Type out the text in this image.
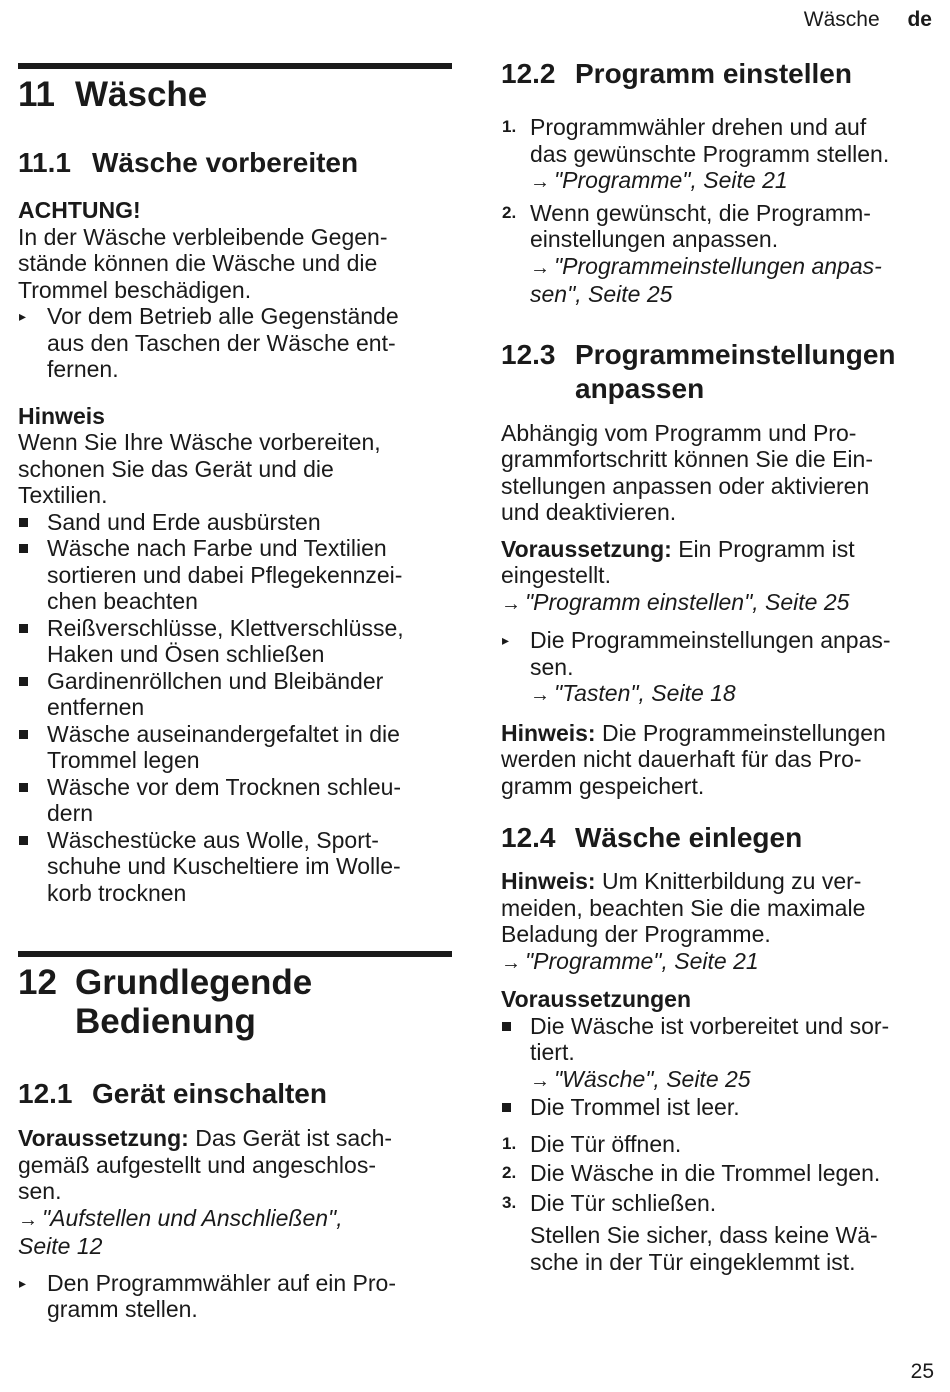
Wäsche de
11 Wäsche
11.1 Wäsche vorbereiten

ACHTUNG!

In der Wäsche verbleibende Gegen-

stände können die Wäsche und die

Trommel beschädigen.

▸ Vor dem Betrieb alle Gegenstände
aus den Taschen der Wäsche ent-
fernen.

Hinweis

Wenn Sie Ihre Wäsche vorbereiten,

schonen Sie das Gerät und die

Textilien.

Sand und Erde ausbürsten
Wäsche nach Farbe und Textilien
sortieren und dabei Pflegekennzei-
chen beachten
Reißverschlüsse, Klettverschlüsse,
Haken und Ösen schließen
Gardinenröllchen und Bleibänder
entfernen
Wäsche auseinandergefaltet in die
Trommel legen
Wäsche vor dem Trocknen schleu-
dern
Wäschestücke aus Wolle, Sport-
schuhe und Kuscheltiere im Wolle-
korb trocknen
12 Grundlegende
Bedienung
12.1 Gerät einschalten

Voraussetzung: Das Gerät ist sach-

gemäß aufgestellt und angeschlos-

sen.

→ "Aufstellen und Anschließen",

Seite 12

▸ Den Programmwähler auf ein Pro-
gramm stellen.
12.2 Programm einstellen
1. Programmwähler drehen und auf
das gewünschte Programm stellen.
→ "Programme", Seite 21
2. Wenn gewünscht, die Programm-
einstellungen anpassen.
→ "Programmeinstellungen anpas-
sen", Seite 25
12.3 Programmeinstellungen
anpassen

Abhängig vom Programm und Pro-

grammfortschritt können Sie die Ein-

stellungen anpassen oder aktivieren

und deaktivieren.

Voraussetzung: Ein Programm ist

eingestellt.

→ "Programm einstellen", Seite 25

▸ Die Programmeinstellungen anpas-
sen.
→ "Tasten", Seite 18

Hinweis: Die Programmeinstellungen

werden nicht dauerhaft für das Pro-

gramm gespeichert.

12.4 Wäsche einlegen

Hinweis: Um Knitterbildung zu ver-

meiden, beachten Sie die maximale

Beladung der Programme.

→ "Programme", Seite 21

Voraussetzungen

Die Wäsche ist vorbereitet und sor-
tiert.
→ "Wäsche", Seite 25
Die Trommel ist leer.
1. Die Tür öffnen.
2. Die Wäsche in die Trommel legen.
3. Die Tür schließen.
Stellen Sie sicher, dass keine Wä-
sche in der Tür eingeklemmt ist.
25
